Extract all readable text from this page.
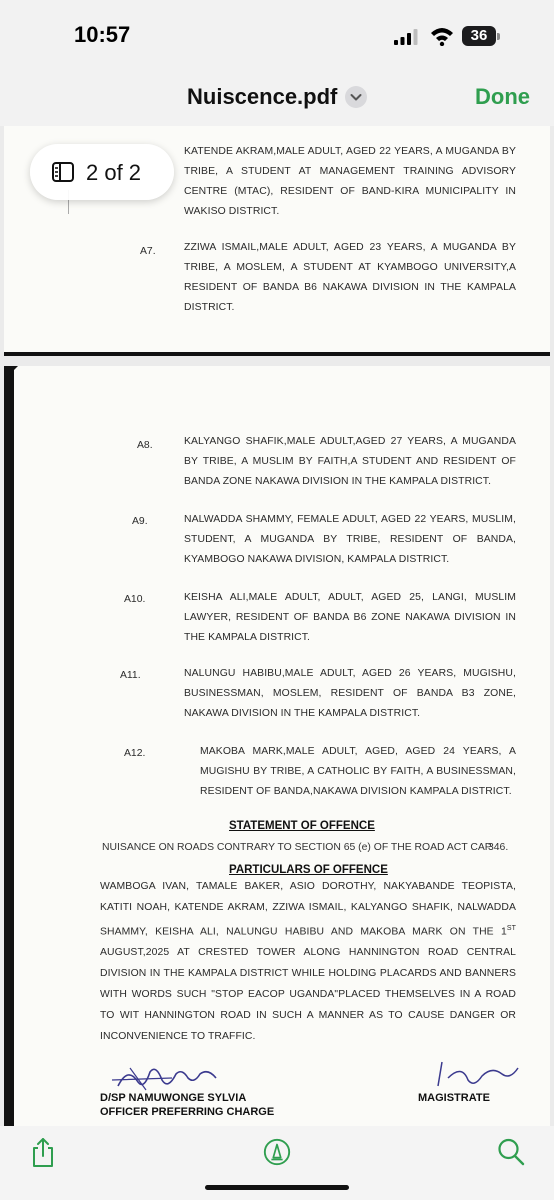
10:57	36
Nuiscence.pdf	Done
KATENDE AKRAM,MALE ADULT, AGED 22 YEARS, A MUGANDA BY TRIBE, A STUDENT AT MANAGEMENT TRAINING ADVISORY CENTRE (MTAC), RESIDENT OF BAND-KIRA MUNICIPALITY IN WAKISO DISTRICT.
A7.	ZZIWA ISMAIL,MALE ADULT, AGED 23 YEARS, A MUGANDA BY TRIBE, A MOSLEM, A STUDENT AT KYAMBOGO UNIVERSITY,A RESIDENT OF BANDA B6 NAKAWA DIVISION IN THE KAMPALA DISTRICT.
A8.	KALYANGO SHAFIK,MALE ADULT,AGED 27 YEARS, A MUGANDA BY TRIBE, A MUSLIM BY FAITH,A STUDENT AND RESIDENT OF BANDA ZONE NAKAWA DIVISION IN THE KAMPALA DISTRICT.
A9.	NALWADDA SHAMMY, FEMALE ADULT, AGED 22 YEARS, MUSLIM, STUDENT, A MUGANDA BY TRIBE, RESIDENT OF BANDA, KYAMBOGO NAKAWA DIVISION, KAMPALA DISTRICT.
A10.	KEISHA ALI,MALE ADULT, ADULT, AGED 25, LANGI, MUSLIM LAWYER, RESIDENT OF BANDA B6 ZONE NAKAWA DIVISION IN THE KAMPALA DISTRICT.
A11.	NALUNGU HABIBU,MALE ADULT, AGED 26 YEARS, MUGISHU, BUSINESSMAN, MOSLEM, RESIDENT OF BANDA B3 ZONE, NAKAWA DIVISION IN THE KAMPALA DISTRICT.
A12.	MAKOBA MARK,MALE ADULT, AGED, AGED 24 YEARS, A MUGISHU BY TRIBE, A CATHOLIC BY FAITH, A BUSINESSMAN, RESIDENT OF BANDA,NAKAWA DIVISION KAMPALA DISTRICT.
STATEMENT OF OFFENCE
NUISANCE ON ROADS CONTRARY TO SECTION 65 (e) OF THE ROAD ACT CAP
346.
PARTICULARS OF OFFENCE
WAMBOGA IVAN, TAMALE BAKER, ASIO DOROTHY, NAKYABANDE TEOPISTA, KATITI NOAH, KATENDE AKRAM, ZZIWA ISMAIL, KALYANGO SHAFIK, NALWADDA SHAMMY, KEISHA ALI, NALUNGU HABIBU AND MAKOBA MARK ON THE 1ST AUGUST,2025 AT CRESTED TOWER ALONG HANNINGTON ROAD CENTRAL DIVISION IN THE KAMPALA DISTRICT WHILE HOLDING PLACARDS AND BANNERS WITH WORDS SUCH "STOP EACOP UGANDA"PLACED THEMSELVES IN A ROAD TO WIT HANNINGTON ROAD IN SUCH A MANNER AS TO CAUSE DANGER OR INCONVENIENCE TO TRAFFIC.
D/SP NAMUWONGE SYLVIA
OFFICER PREFERRING CHARGE
MAGISTRATE
2 of 2
